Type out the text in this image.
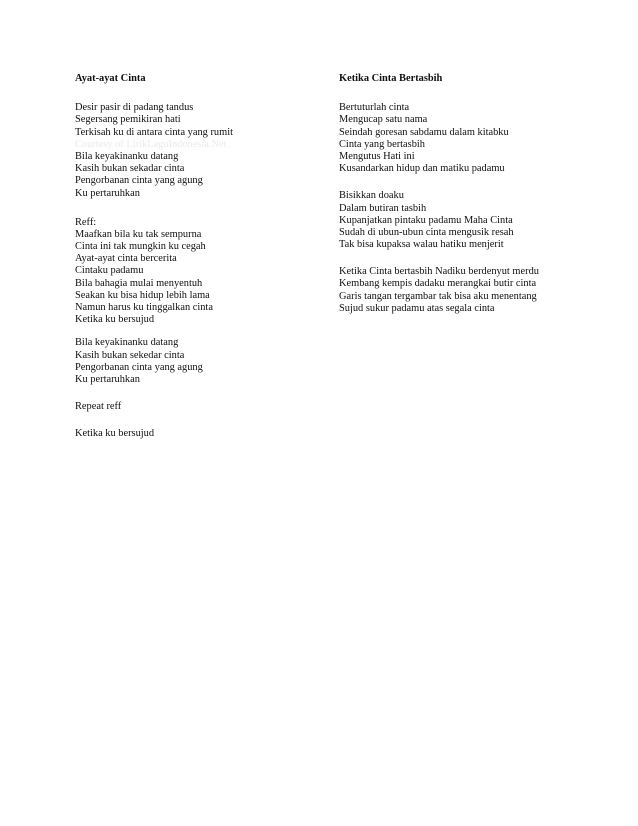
Ayat-ayat Cinta
Desir pasir di padang tandus
Segersang pemikiran hati
Terkisah ku di antara cinta yang rumit
Courtesy of LirikLaguIndonesia.Net
Bila keyakinanku datang
Kasih bukan sekadar cinta
Pengorbanan cinta yang agung
Ku pertaruhkan
Reff:
Maafkan bila ku tak sempurna
Cinta ini tak mungkin ku cegah
Ayat-ayat cinta bercerita
Cintaku padamu
Bila bahagia mulai menyentuh
Seakan ku bisa hidup lebih lama
Namun harus ku tinggalkan cinta
Ketika ku bersujud
Bila keyakinanku datang
Kasih bukan sekedar cinta
Pengorbanan cinta yang agung
Ku pertaruhkan
Repeat reff
Ketika ku bersujud
Ketika Cinta Bertasbih
Bertuturlah cinta
Mengucap satu nama
Seindah goresan sabdamu dalam kitabku
Cinta yang bertasbih
Mengutus Hati ini
Kusandarkan hidup dan matiku padamu
Bisikkan doaku
Dalam butiran tasbih
Kupanjatkan pintaku padamu Maha Cinta
Sudah di ubun-ubun cinta mengusik resah
Tak bisa kupaksa walau hatiku menjerit
Ketika Cinta bertasbih Nadiku berdenyut merdu
Kembang kempis dadaku merangkai butir cinta
Garis tangan tergambar tak bisa aku menentang
Sujud sukur padamu atas segala cinta
